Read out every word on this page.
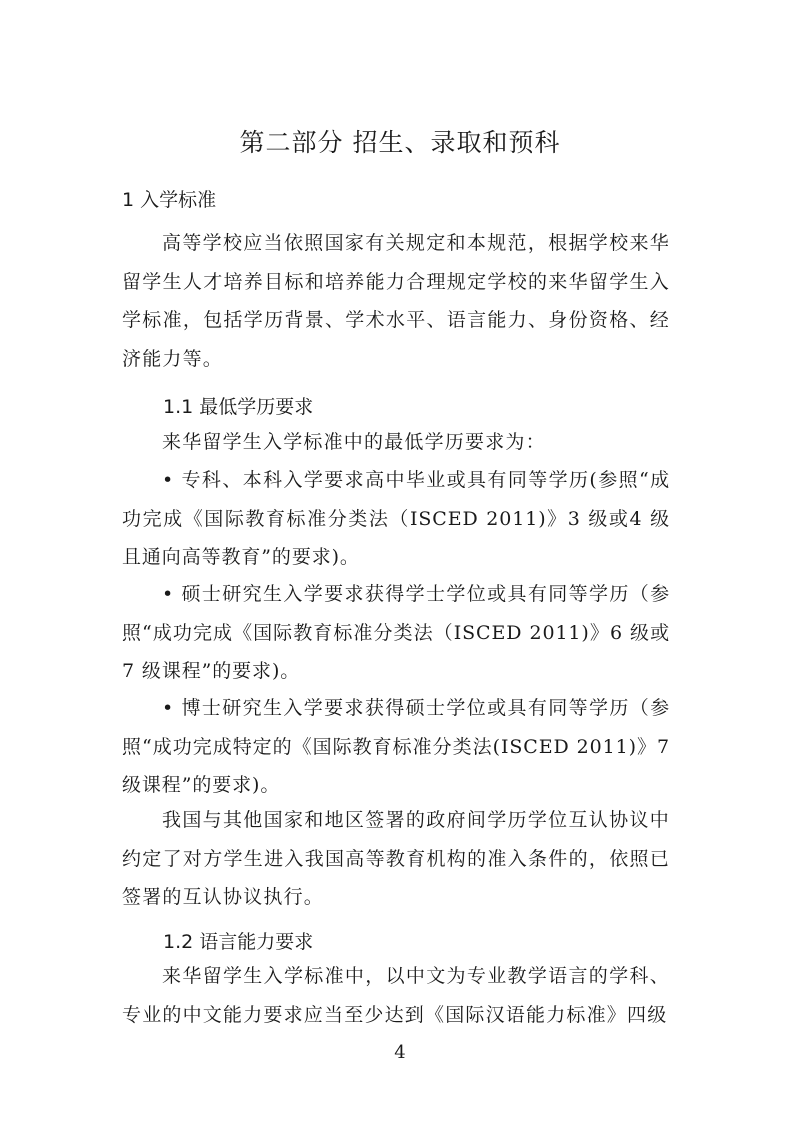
第二部分 招生、录取和预科
1 入学标准
高等学校应当依照国家有关规定和本规范，根据学校来华留学生人才培养目标和培养能力合理规定学校的来华留学生入学标准，包括学历背景、学术水平、语言能力、身份资格、经济能力等。
1.1 最低学历要求
来华留学生入学标准中的最低学历要求为：
• 专科、本科入学要求高中毕业或具有同等学历(参照“成功完成《国际教育标准分类法（ISCED 2011)》3 级或4 级且通向高等教育”的要求)。
• 硕士研究生入学要求获得学士学位或具有同等学历（参照“成功完成《国际教育标准分类法（ISCED 2011)》6 级或7 级课程”的要求)。
• 博士研究生入学要求获得硕士学位或具有同等学历（参照“成功完成特定的《国际教育标准分类法(ISCED 2011)》7 级课程”的要求)。
我国与其他国家和地区签署的政府间学历学位互认协议中约定了对方学生进入我国高等教育机构的准入条件的，依照已签署的互认协议执行。
1.2 语言能力要求
来华留学生入学标准中，以中文为专业教学语言的学科、专业的中文能力要求应当至少达到《国际汉语能力标准》四级
4
